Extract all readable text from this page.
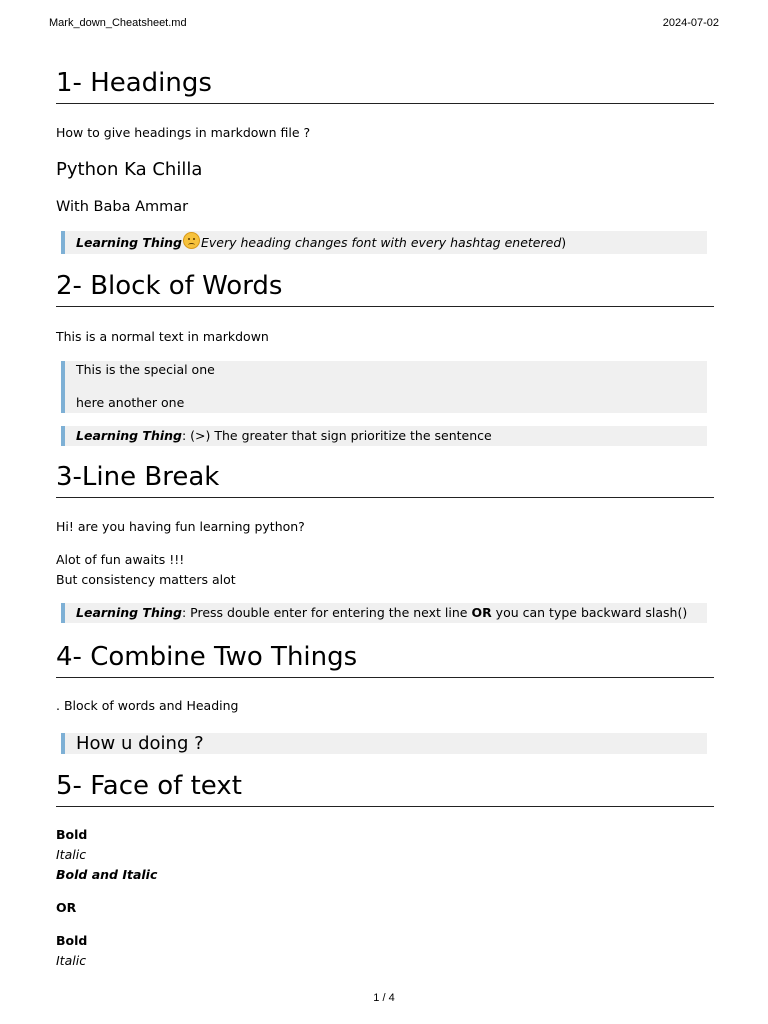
Mark_down_Cheatsheet.md	2024-07-02
1- Headings
How to give headings in markdown file ?
Python Ka Chilla
With Baba Ammar
Learning Thing Every heading changes font with every hashtag enetered)
2- Block of Words
This is a normal text in markdown
This is the special one
here another one
Learning Thing: (>) The greater that sign prioritize the sentence
3-Line Break
Hi! are you having fun learning python?
Alot of fun awaits !!!
But consistency matters alot
Learning Thing: Press double enter for entering the next line OR you can type backward slash()
4- Combine Two Things
. Block of words and Heading
How u doing ?
5- Face of text
Bold
Italic
Bold and Italic
OR
Bold
Italic
1 / 4
